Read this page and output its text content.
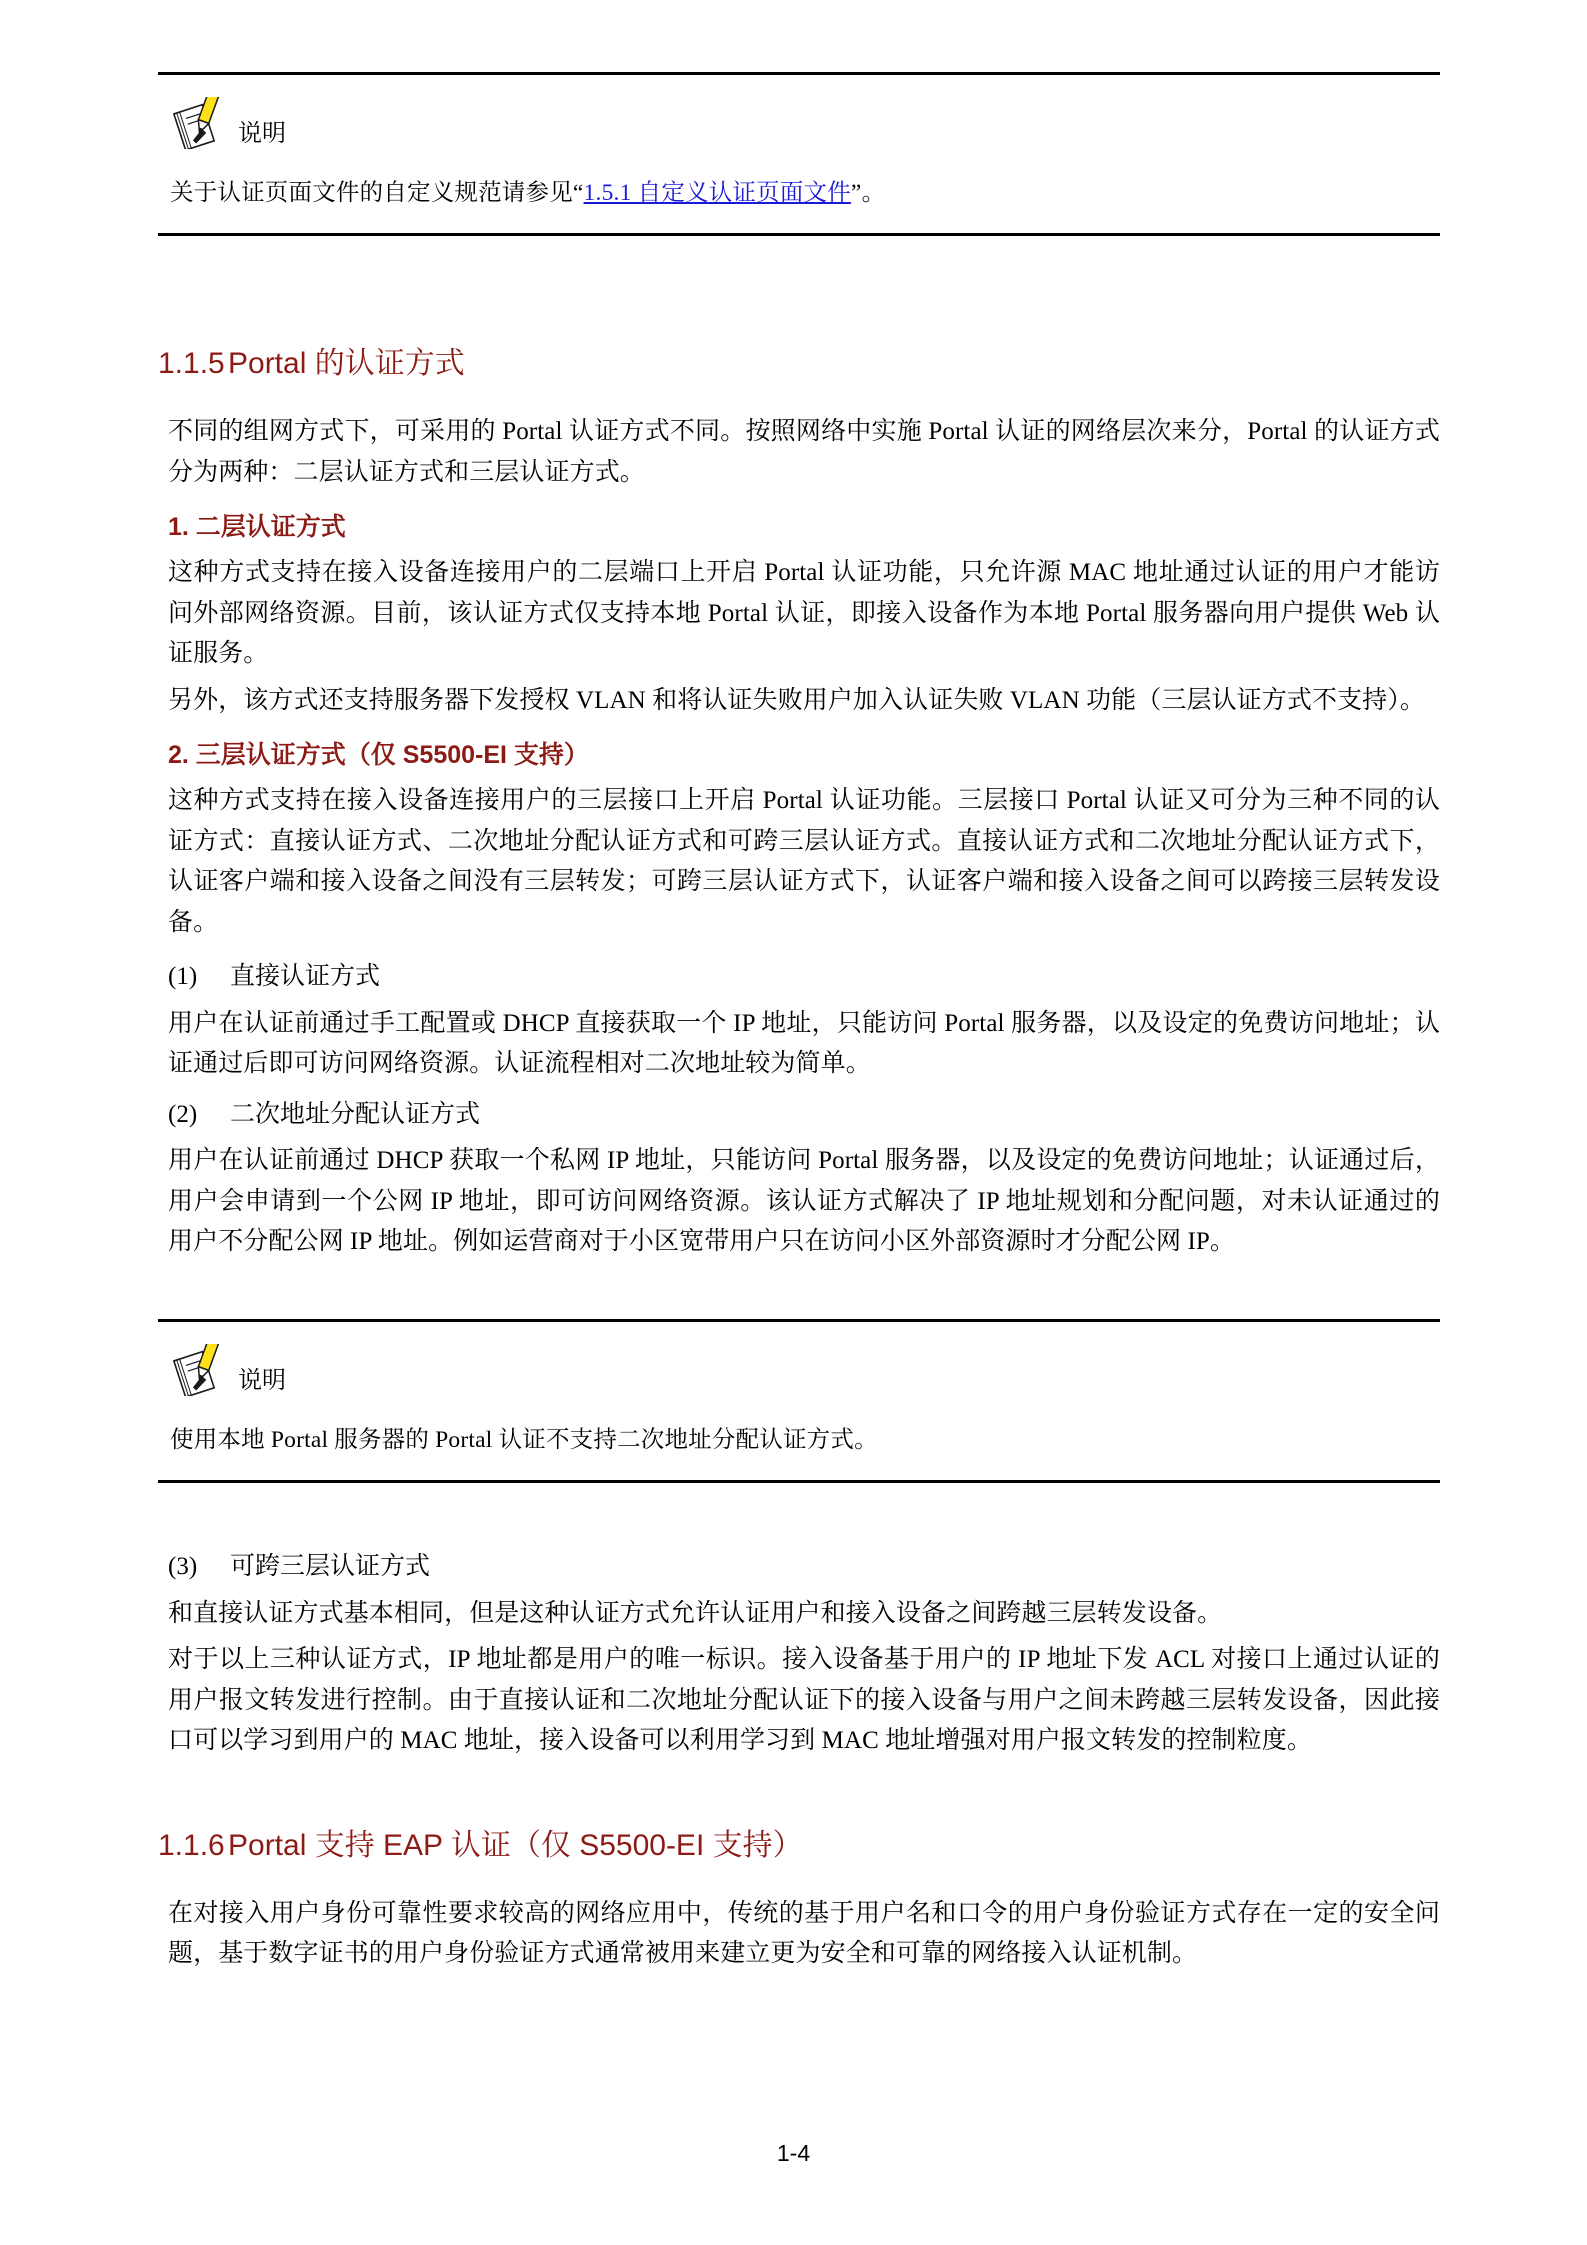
说明
关于认证页面文件的自定义规范请参见“1.5.1 自定义认证页面文件”。
1.1.5 Portal 的认证方式

不同的组网方式下，可采用的 Portal 认证方式不同。按照网络中实施 Portal 认证的网络层次来分，Portal 的认证方式分为两种：二层认证方式和三层认证方式。

1. 二层认证方式

这种方式支持在接入设备连接用户的二层端口上开启 Portal 认证功能，只允许源 MAC 地址通过认证的用户才能访问外部网络资源。目前，该认证方式仅支持本地 Portal 认证，即接入设备作为本地 Portal 服务器向用户提供 Web 认证服务。

另外，该方式还支持服务器下发授权 VLAN 和将认证失败用户加入认证失败 VLAN 功能（三层认证方式不支持）。

2. 三层认证方式（仅 S5500-EI 支持）

这种方式支持在接入设备连接用户的三层接口上开启 Portal 认证功能。三层接口 Portal 认证又可分为三种不同的认证方式：直接认证方式、二次地址分配认证方式和可跨三层认证方式。直接认证方式和二次地址分配认证方式下，认证客户端和接入设备之间没有三层转发；可跨三层认证方式下，认证客户端和接入设备之间可以跨接三层转发设备。

(1) 直接认证方式

用户在认证前通过手工配置或 DHCP 直接获取一个 IP 地址，只能访问 Portal 服务器，以及设定的免费访问地址；认证通过后即可访问网络资源。认证流程相对二次地址较为简单。

(2) 二次地址分配认证方式

用户在认证前通过 DHCP 获取一个私网 IP 地址，只能访问 Portal 服务器，以及设定的免费访问地址；认证通过后，用户会申请到一个公网 IP 地址，即可访问网络资源。该认证方式解决了 IP 地址规划和分配问题，对未认证通过的用户不分配公网 IP 地址。例如运营商对于小区宽带用户只在访问小区外部资源时才分配公网 IP。

说明
使用本地 Portal 服务器的 Portal 认证不支持二次地址分配认证方式。

(3) 可跨三层认证方式

和直接认证方式基本相同，但是这种认证方式允许认证用户和接入设备之间跨越三层转发设备。

对于以上三种认证方式，IP 地址都是用户的唯一标识。接入设备基于用户的 IP 地址下发 ACL 对接口上通过认证的用户报文转发进行控制。由于直接认证和二次地址分配认证下的接入设备与用户之间未跨越三层转发设备，因此接口可以学习到用户的 MAC 地址，接入设备可以利用学习到 MAC 地址增强对用户报文转发的控制粒度。

1.1.6 Portal 支持 EAP 认证（仅 S5500-EI 支持）

在对接入用户身份可靠性要求较高的网络应用中，传统的基于用户名和口令的用户身份验证方式存在一定的安全问题，基于数字证书的用户身份验证方式通常被用来建立更为安全和可靠的网络接入认证机制。

1-4
